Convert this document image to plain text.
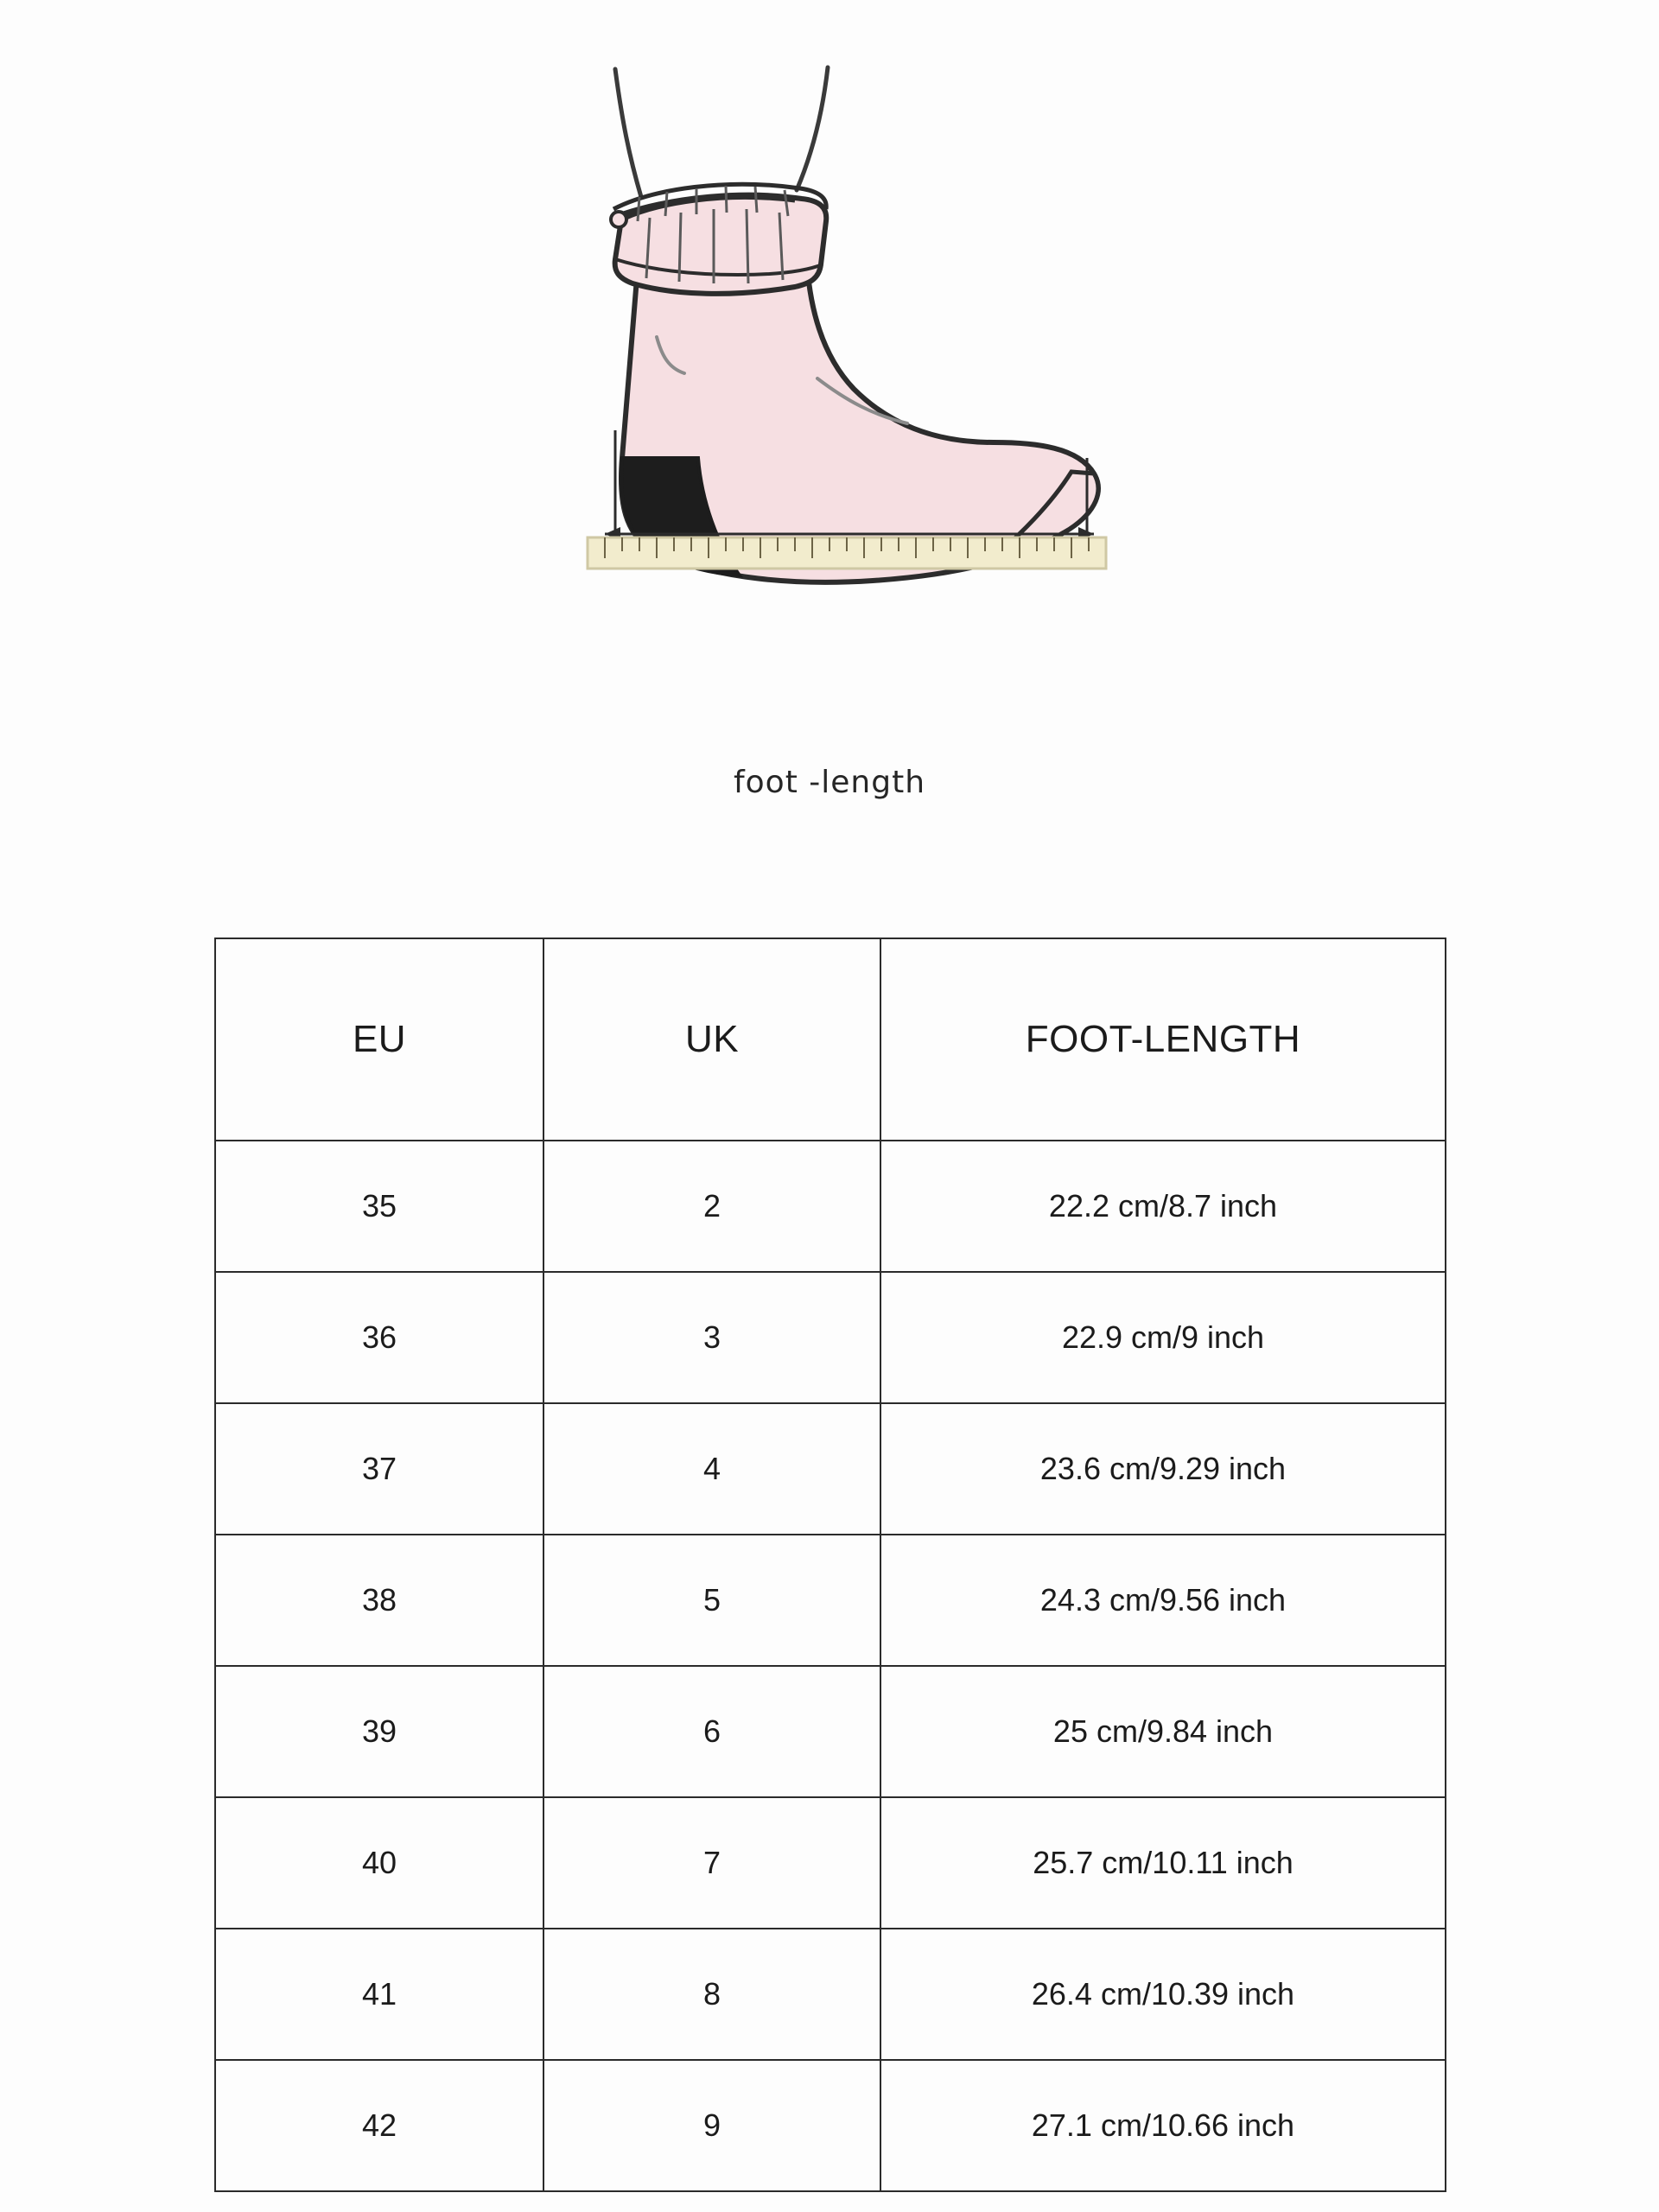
foot -length
EU	UK	FOOT-LENGTH
35	2	22.2 cm/8.7 inch
36	3	22.9 cm/9 inch
37	4	23.6 cm/9.29 inch
38	5	24.3 cm/9.56 inch
39	6	25 cm/9.84 inch
40	7	25.7 cm/10.11 inch
41	8	26.4 cm/10.39 inch
42	9	27.1 cm/10.66 inch
